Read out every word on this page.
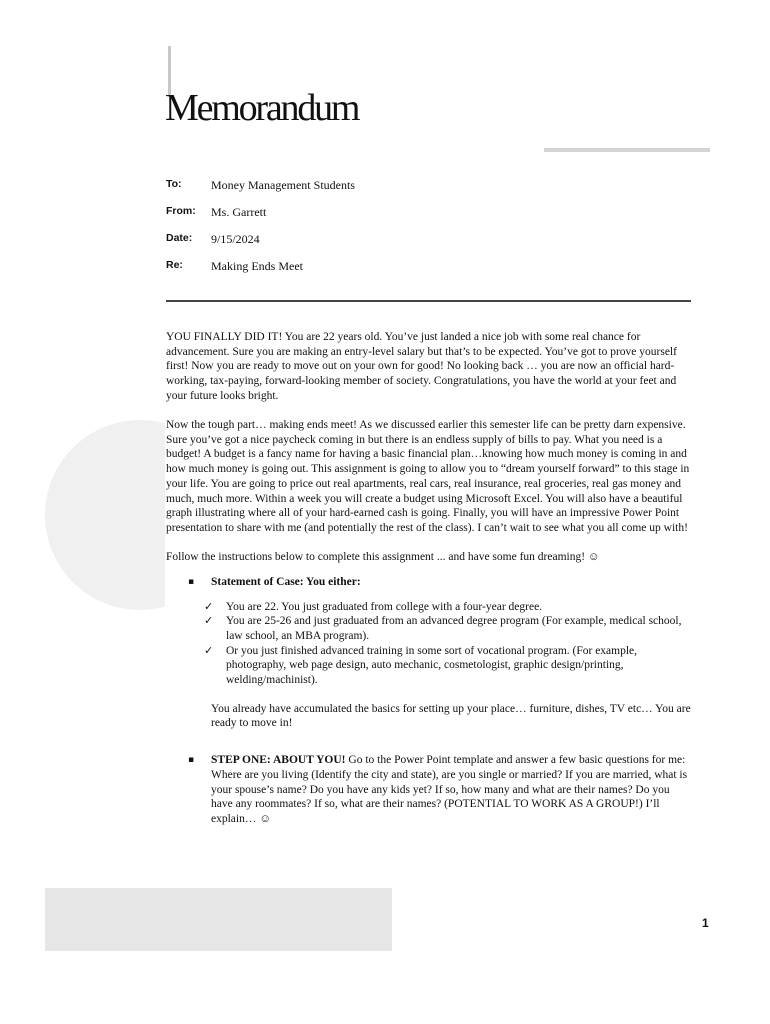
Memorandum
To:	Money Management Students
From:	Ms. Garrett
Date:	9/15/2024
Re:	Making Ends Meet

YOU FINALLY DID IT! You are 22 years old. You’ve just landed a nice job with some real chance for advancement. Sure you are making an entry-level salary but that’s to be expected. You’ve got to prove yourself first! Now you are ready to move out on your own for good! No looking back … you are now an official hard-working, tax-paying, forward-looking member of society. Congratulations, you have the world at your feet and your future looks bright.

Now the tough part… making ends meet! As we discussed earlier this semester life can be pretty darn expensive. Sure you’ve got a nice paycheck coming in but there is an endless supply of bills to pay. What you need is a budget! A budget is a fancy name for having a basic financial plan…knowing how much money is coming in and how much money is going out. This assignment is going to allow you to “dream yourself forward” to this stage in your life. You are going to price out real apartments, real cars, real insurance, real groceries, real gas money and much, much more. Within a week you will create a budget using Microsoft Excel. You will also have a beautiful graph illustrating where all of your hard-earned cash is going. Finally, you will have an impressive Power Point presentation to share with me (and potentially the rest of the class). I can’t wait to see what you all come up with!

Follow the instructions below to complete this assignment ... and have some fun dreaming! ☺

▪ Statement of Case: You either:
✓ You are 22. You just graduated from college with a four-year degree.
✓ You are 25-26 and just graduated from an advanced degree program (For example, medical school, law school, an MBA program).
✓ Or you just finished advanced training in some sort of vocational program. (For example, photography, web page design, auto mechanic, cosmetologist, graphic design/printing, welding/machinist).

You already have accumulated the basics for setting up your place… furniture, dishes, TV etc… You are ready to move in!

▪ STEP ONE: ABOUT YOU! Go to the Power Point template and answer a few basic questions for me: Where are you living (Identify the city and state), are you single or married? If you are married, what is your spouse’s name? Do you have any kids yet? If so, how many and what are their names? Do you have any roommates? If so, what are their names? (POTENTIAL TO WORK AS A GROUP!) I’ll explain… ☺
1
